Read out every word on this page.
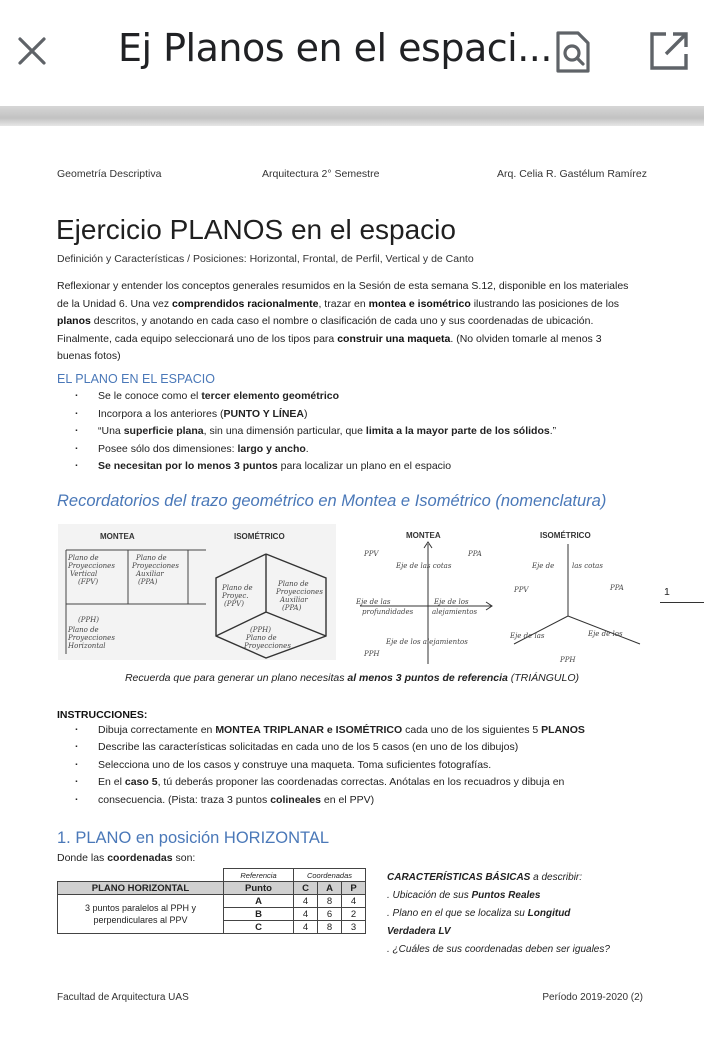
Ej Planos en el espaci...
Geometría Descriptiva	Arquitectura 2° Semestre	Arq. Celia R. Gastélum Ramírez
Ejercicio PLANOS en el espacio
Definición y Características / Posiciones: Horizontal, Frontal, de Perfil, Vertical y de Canto
Reflexionar y entender los conceptos generales resumidos en la Sesión de esta semana S.12, disponible en los materiales de la Unidad 6. Una vez comprendidos racionalmente, trazar en montea e isométrico ilustrando las posiciones de los planos descritos, y anotando en cada caso el nombre o clasificación de cada uno y sus coordenadas de ubicación. Finalmente, cada equipo seleccionará uno de los tipos para construir una maqueta. (No olviden tomarle al menos 3 buenas fotos)
EL PLANO EN EL ESPACIO
. Se le conoce como el tercer elemento geométrico
. Incorpora a los anteriores (PUNTO Y LÍNEA)
. “Una superficie plana, sin una dimensión particular, que limita a la mayor parte de los sólidos.”
. Posee sólo dos dimensiones: largo y ancho.
. Se necesitan por lo menos 3 puntos para localizar un plano en el espacio
Recordatorios del trazo geométrico en Montea e Isométrico (nomenclatura)
MONTEA
Plano de
Proyecciones
Vertical
(FPV)
Plano de
Proyecciones
Auxiliar
(PPA)
(PPH)
Plano de
Proyecciones
Horizontal
ISOMÉTRICO
Plano de
Proyec.
(PPV)
Plano de
Proyecciones
Auxiliar
(PPA)
(PPH)
Plano de
Proyecciones
MONTEA
PPV	PPA
Eje de las cotas
Eje de las
profundidades
Eje de los
alejamientos
Eje de los alejamientos
PPH
ISOMÉTRICO
Eje de	las cotas
PPV	PPA
Eje de las	Eje de los
PPH
1
Recuerda que para generar un plano necesitas al menos 3 puntos de referencia (TRIÁNGULO)
INSTRUCCIONES:
. Dibuja correctamente en MONTEA TRIPLANAR e ISOMÉTRICO cada uno de los siguientes 5 PLANOS
. Describe las características solicitadas en cada uno de los 5 casos (en uno de los dibujos)
. Selecciona uno de los casos y construye una maqueta. Toma suficientes fotografías.
. En el caso 5, tú deberás proponer las coordenadas correctas. Anótalas en los recuadros y dibuja en
. consecuencia. (Pista: traza 3 puntos colineales en el PPV)
1. PLANO en posición HORIZONTAL
Donde las coordenadas son:
	Referencia	Coordenadas		
PLANO HORIZONTAL	Punto	C	A	P
3 puntos paralelos al PPH y perpendiculares al PPV	A	4	8	4
	B	4	6	2
	C	4	8	3
CARACTERÍSTICAS BÁSICAS a describir:
. Ubicación de sus Puntos Reales
. Plano en el que se localiza su Longitud Verdadera LV
. ¿Cuáles de sus coordenadas deben ser iguales?
Facultad de Arquitectura UAS	Período 2019-2020 (2)
